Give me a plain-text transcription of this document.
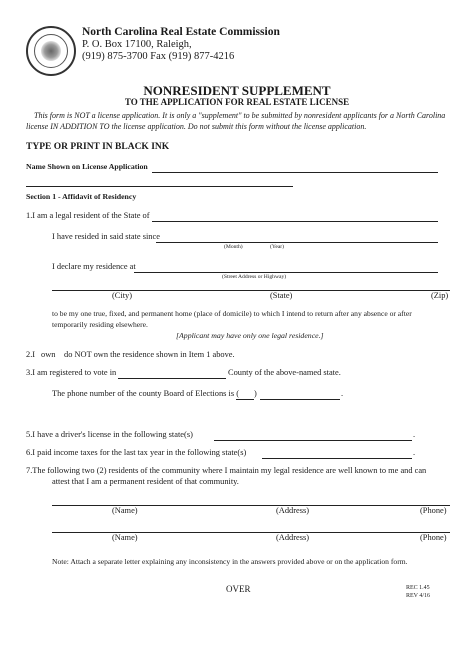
North Carolina Real Estate Commission
P. O. Box 17100, Raleigh,
(919) 875-3700 Fax (919) 877-4216
NONRESIDENT SUPPLEMENT
TO THE APPLICATION FOR REAL ESTATE LICENSE
This form is NOT a license application. It is only a "supplement" to be submitted by nonresident applicants for a North Carolina
license IN ADDITION TO the license application. Do not submit this form without the license application.
TYPE OR PRINT IN BLACK INK
Name Shown on License Application
Section 1 - Affidavit of Residency
1.I am a legal resident of the State of
I have resided in said state since
(Month)	(Year)
I declare my residence at
(Street Address or Highway)
(City)	(State)	(Zip)
to be my one true, fixed, and permanent home (place of domicile) to which I intend to return after any absence or after
temporarily residing elsewhere.
[Applicant may have only one legal residence.]
2.I own do NOT own the residence shown in Item 1 above.
3.I am registered to vote in	County of the above-named state.
The phone number of the county Board of Elections is ( )	.
5.I have a driver's license in the following state(s)	.
6.I paid income taxes for the last tax year in the following state(s)	.
7.The following two (2) residents of the community where I maintain my legal residence are well known to me and can
attest that I am a permanent resident of that community.
(Name)	(Address)	(Phone)
(Name)	(Address)	(Phone)
Note: Attach a separate letter explaining any inconsistency in the answers provided above or on the application form.
OVER	REC 1.45
REV 4/16
